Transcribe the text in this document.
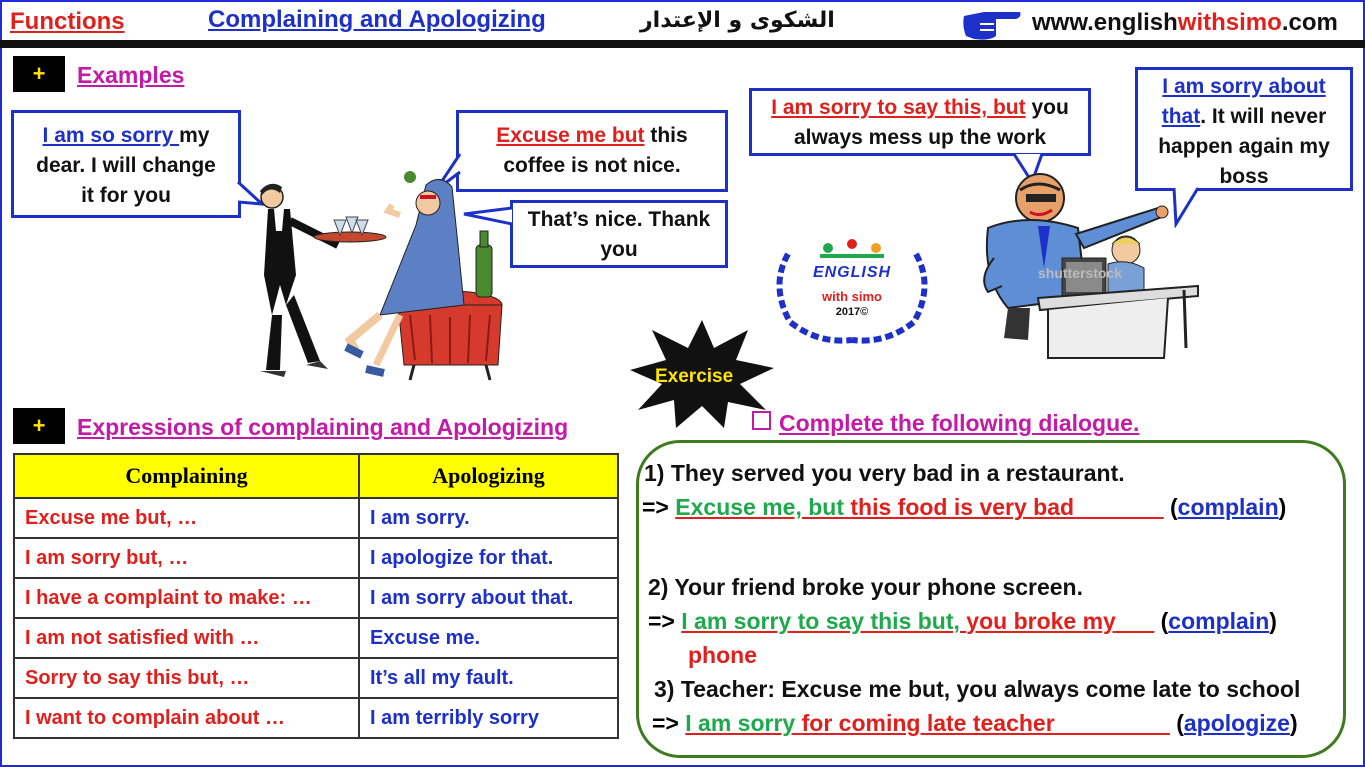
Functions	Complaining and Apologizing	الشكوى و الإعتدار	www.englishwithsimo.com
+	Examples
I am so sorry my
dear. I will change
it for you
Excuse me but this
coffee is not nice.
That’s nice. Thank
you
I am sorry to say this, but you
always mess up the work
I am sorry about
that. It will never
happen again my
boss
ENGLISH
with simo
2017©
shutterstock
Exercise
+	Expressions of complaining and Apologizing
Complaining	Apologizing
Excuse me but, …	I am sorry.
I am sorry but, …	I apologize for that.
I have a complaint to make: …	I am sorry about that.
I am not satisfied with …	Excuse me.
Sorry to say this but, …	It’s all my fault.
I want to complain about …	I am terribly sorry
Complete the following dialogue.
1) They served you very bad in a restaurant.
=> Excuse me, but this food is very bad_______ (complain)
2) Your friend broke your phone screen.
=> I am sorry to say this but, you broke my___ (complain)
phone
3) Teacher: Excuse me but, you always come late to school
=> I am sorry for coming late teacher_________ (apologize)
